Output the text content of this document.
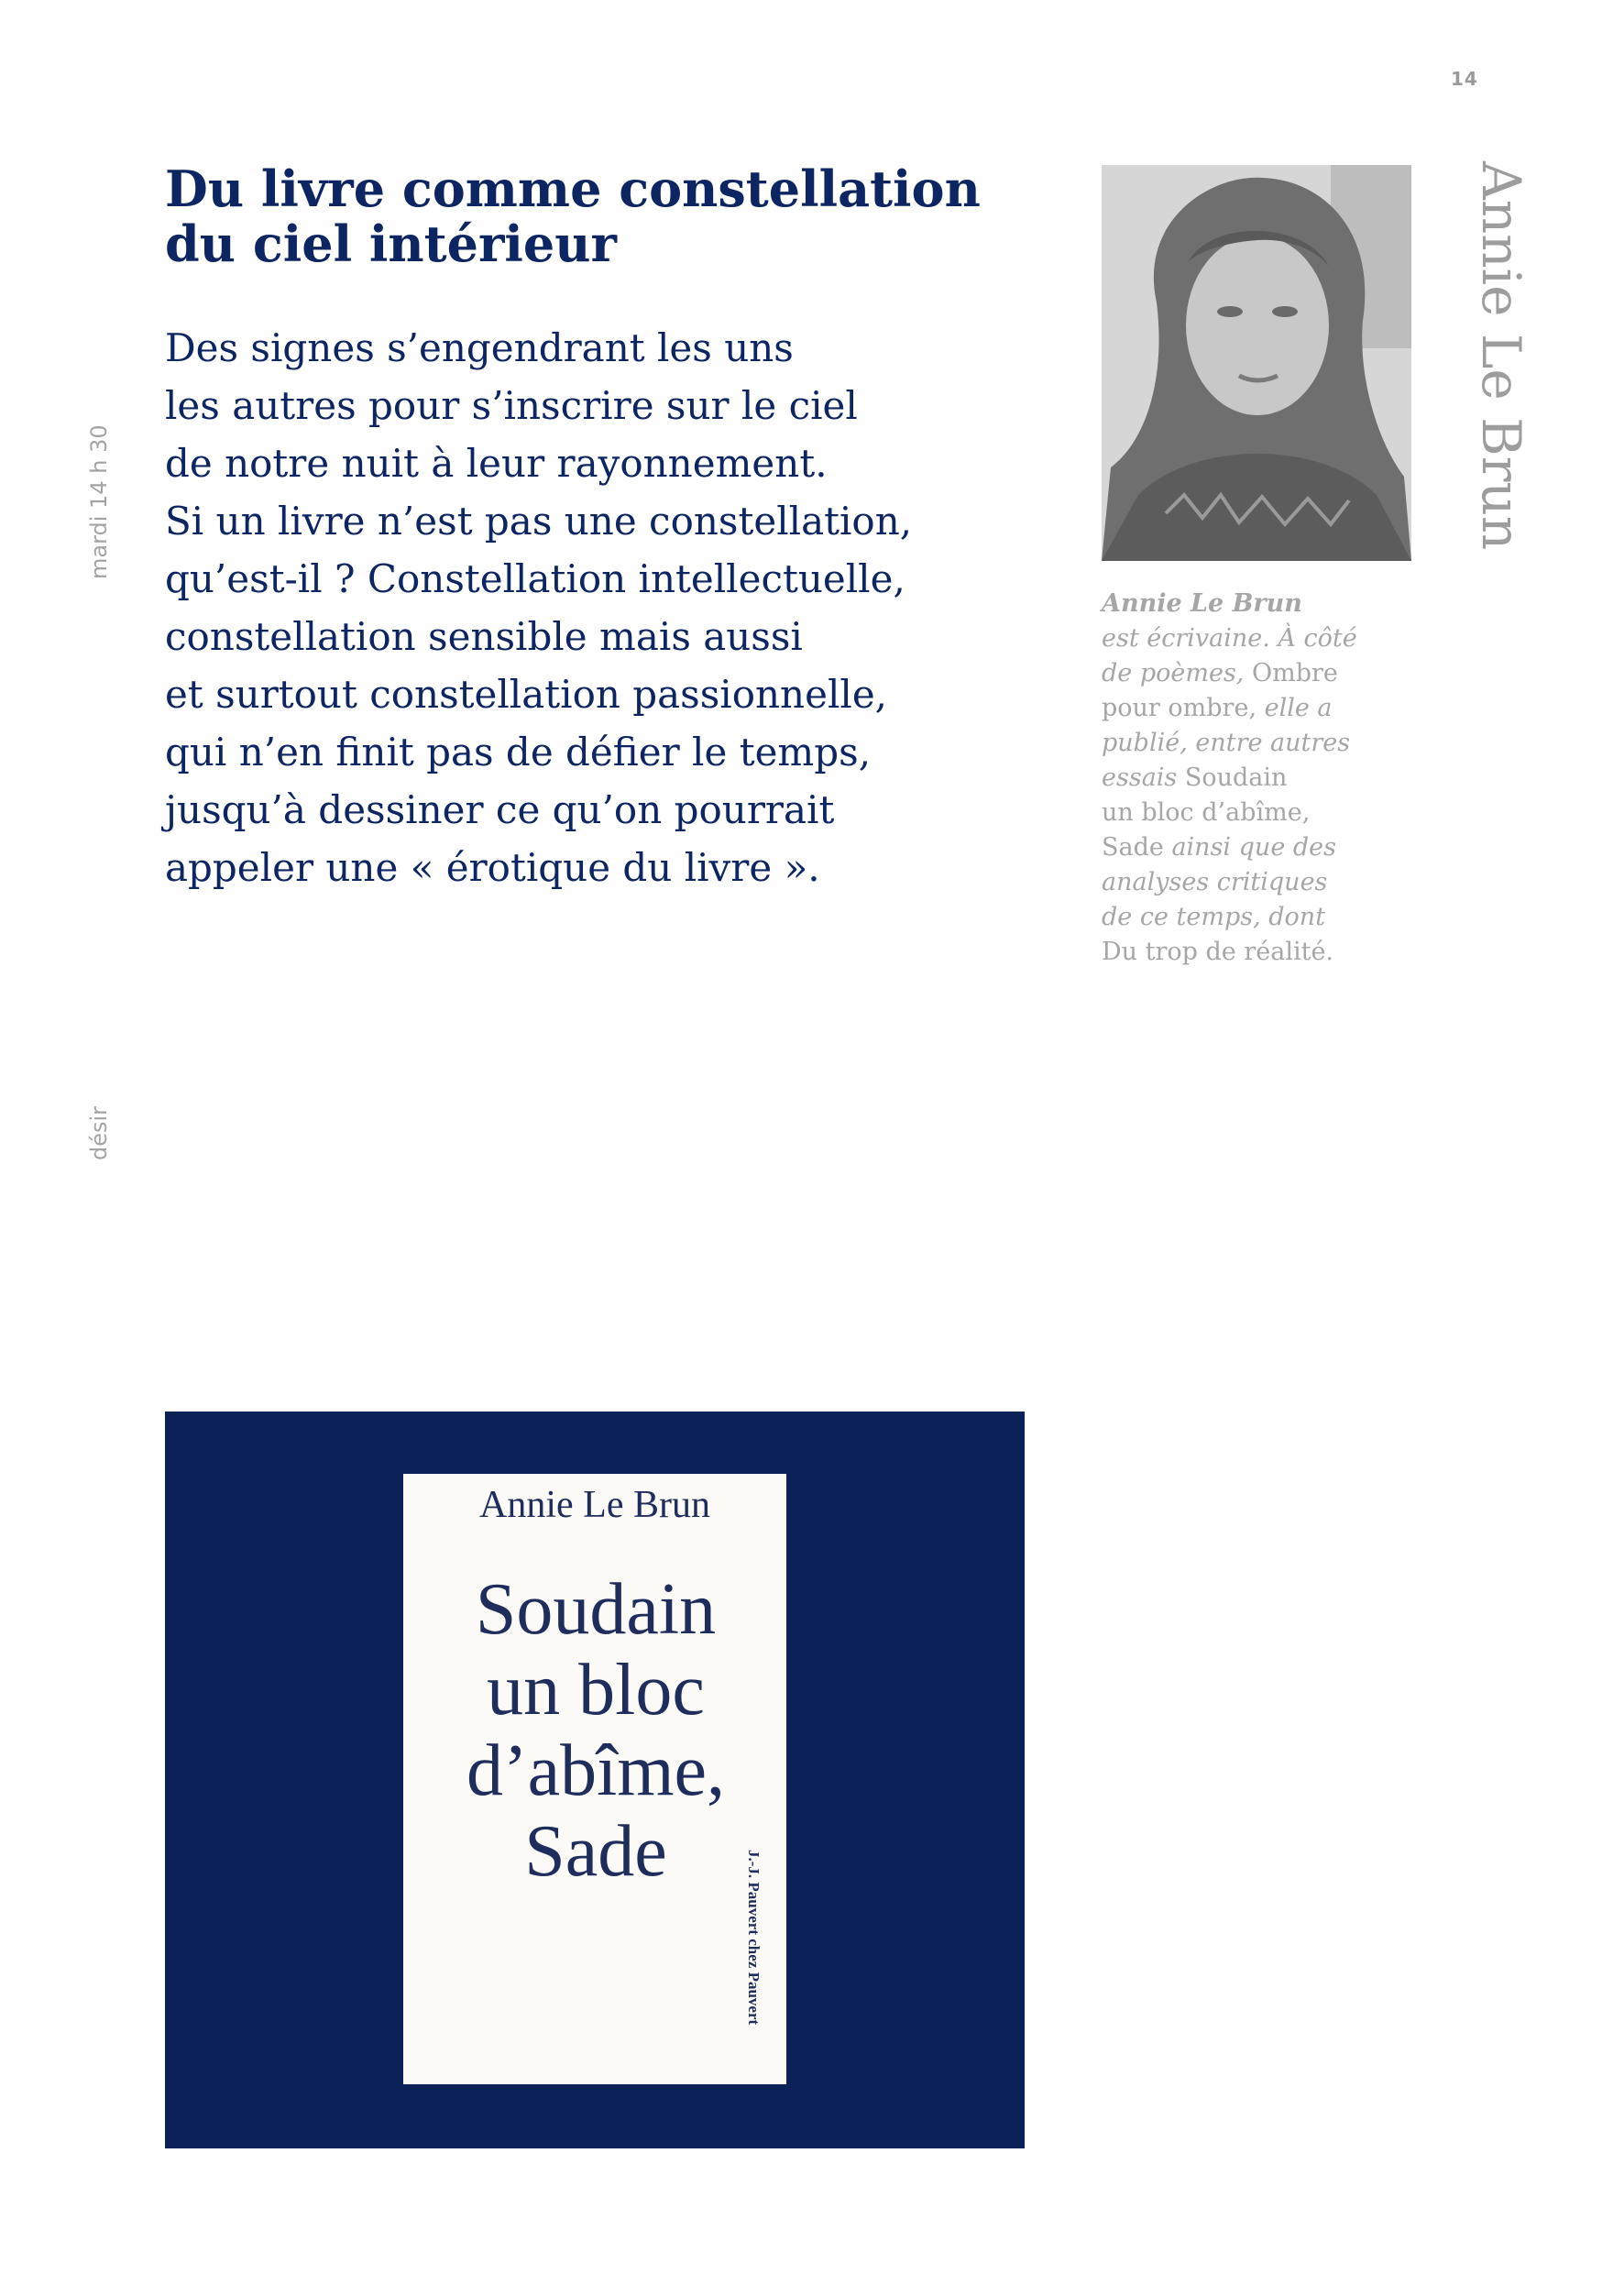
14
mardi 14 h 30
désir
Du livre comme constellation
du ciel intérieur
Des signes s’engendrant les uns
les autres pour s’inscrire sur le ciel
de notre nuit à leur rayonnement.
Si un livre n’est pas une constellation,
qu’est-il ? Constellation intellectuelle,
constellation sensible mais aussi
et surtout constellation passionnelle,
qui n’en finit pas de défier le temps,
jusqu’à dessiner ce qu’on pourrait
appeler une « érotique du livre ».
Annie Le Brun
Annie Le Brun
est écrivaine. À côté
de poèmes, Ombre
pour ombre, elle a
publié, entre autres
essais Soudain
un bloc d’abîme,
Sade ainsi que des
analyses critiques
de ce temps, dont
Du trop de réalité.
Annie Le Brun
Soudain
un bloc
d’abîme,
Sade	J.-J. Pauvert chez Pauvert
